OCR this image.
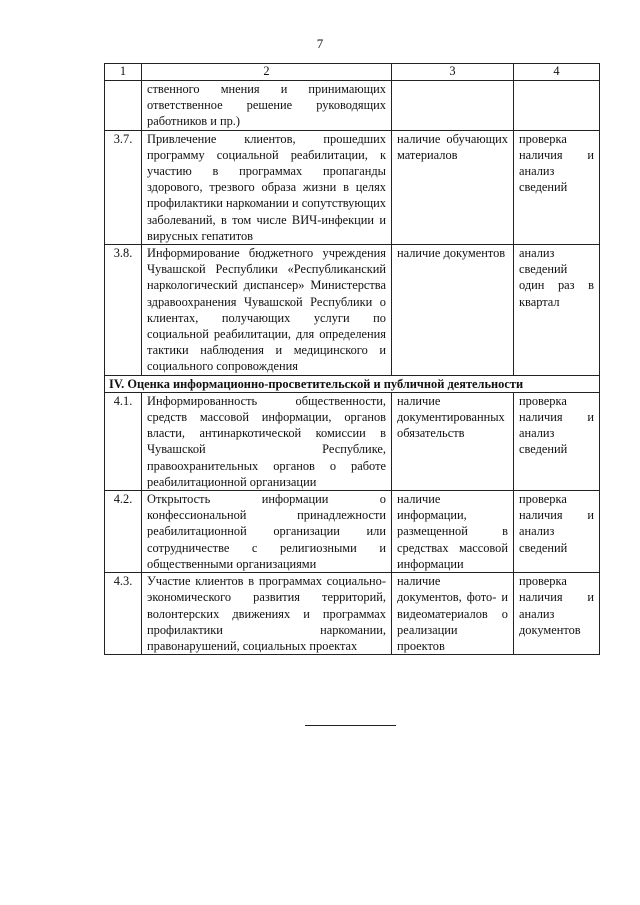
7
1	2	3	4
	ственного мнения и принимающих ответственное решение руководящих работников и пр.)		
3.7.	Привлечение клиентов, прошедших программу социальной реабилитации, к участию в программах пропаганды здорового, трезвого образа жизни в целях профилактики наркомании и сопутствующих заболеваний, в том числе ВИЧ-инфекции и вирусных гепатитов	наличие обучающих материалов	проверка наличия и анализ сведений
3.8.	Информирование бюджетного учреждения Чувашской Республики «Республиканский наркологический диспансер» Министерства здравоохранения Чувашской Республики о клиентах, получающих услуги по социальной реабилитации, для определения тактики наблюдения и медицинского и социального сопровождения	наличие документов	анализ сведений один раз в квартал
IV. Оценка информационно-просветительской и публичной деятельности			
4.1.	Информированность общественности, средств массовой информации, органов власти, антинаркотической комиссии в Чувашской Республике, правоохранительных органов о работе реабилитационной организации	наличие документированных обязательств	проверка наличия и анализ сведений
4.2.	Открытость информации о конфессиональной принадлежности реабилитационной организации или сотрудничестве с религиозными и общественными организациями	наличие информации, размещенной в средствах массовой информации	проверка наличия и анализ сведений
4.3.	Участие клиентов в программах социально-экономического развития территорий, волонтерских движениях и программах профилактики наркомании, правонарушений, социальных проектах	наличие документов, фото- и видеоматериалов о реализации проектов	проверка наличия и анализ документов
